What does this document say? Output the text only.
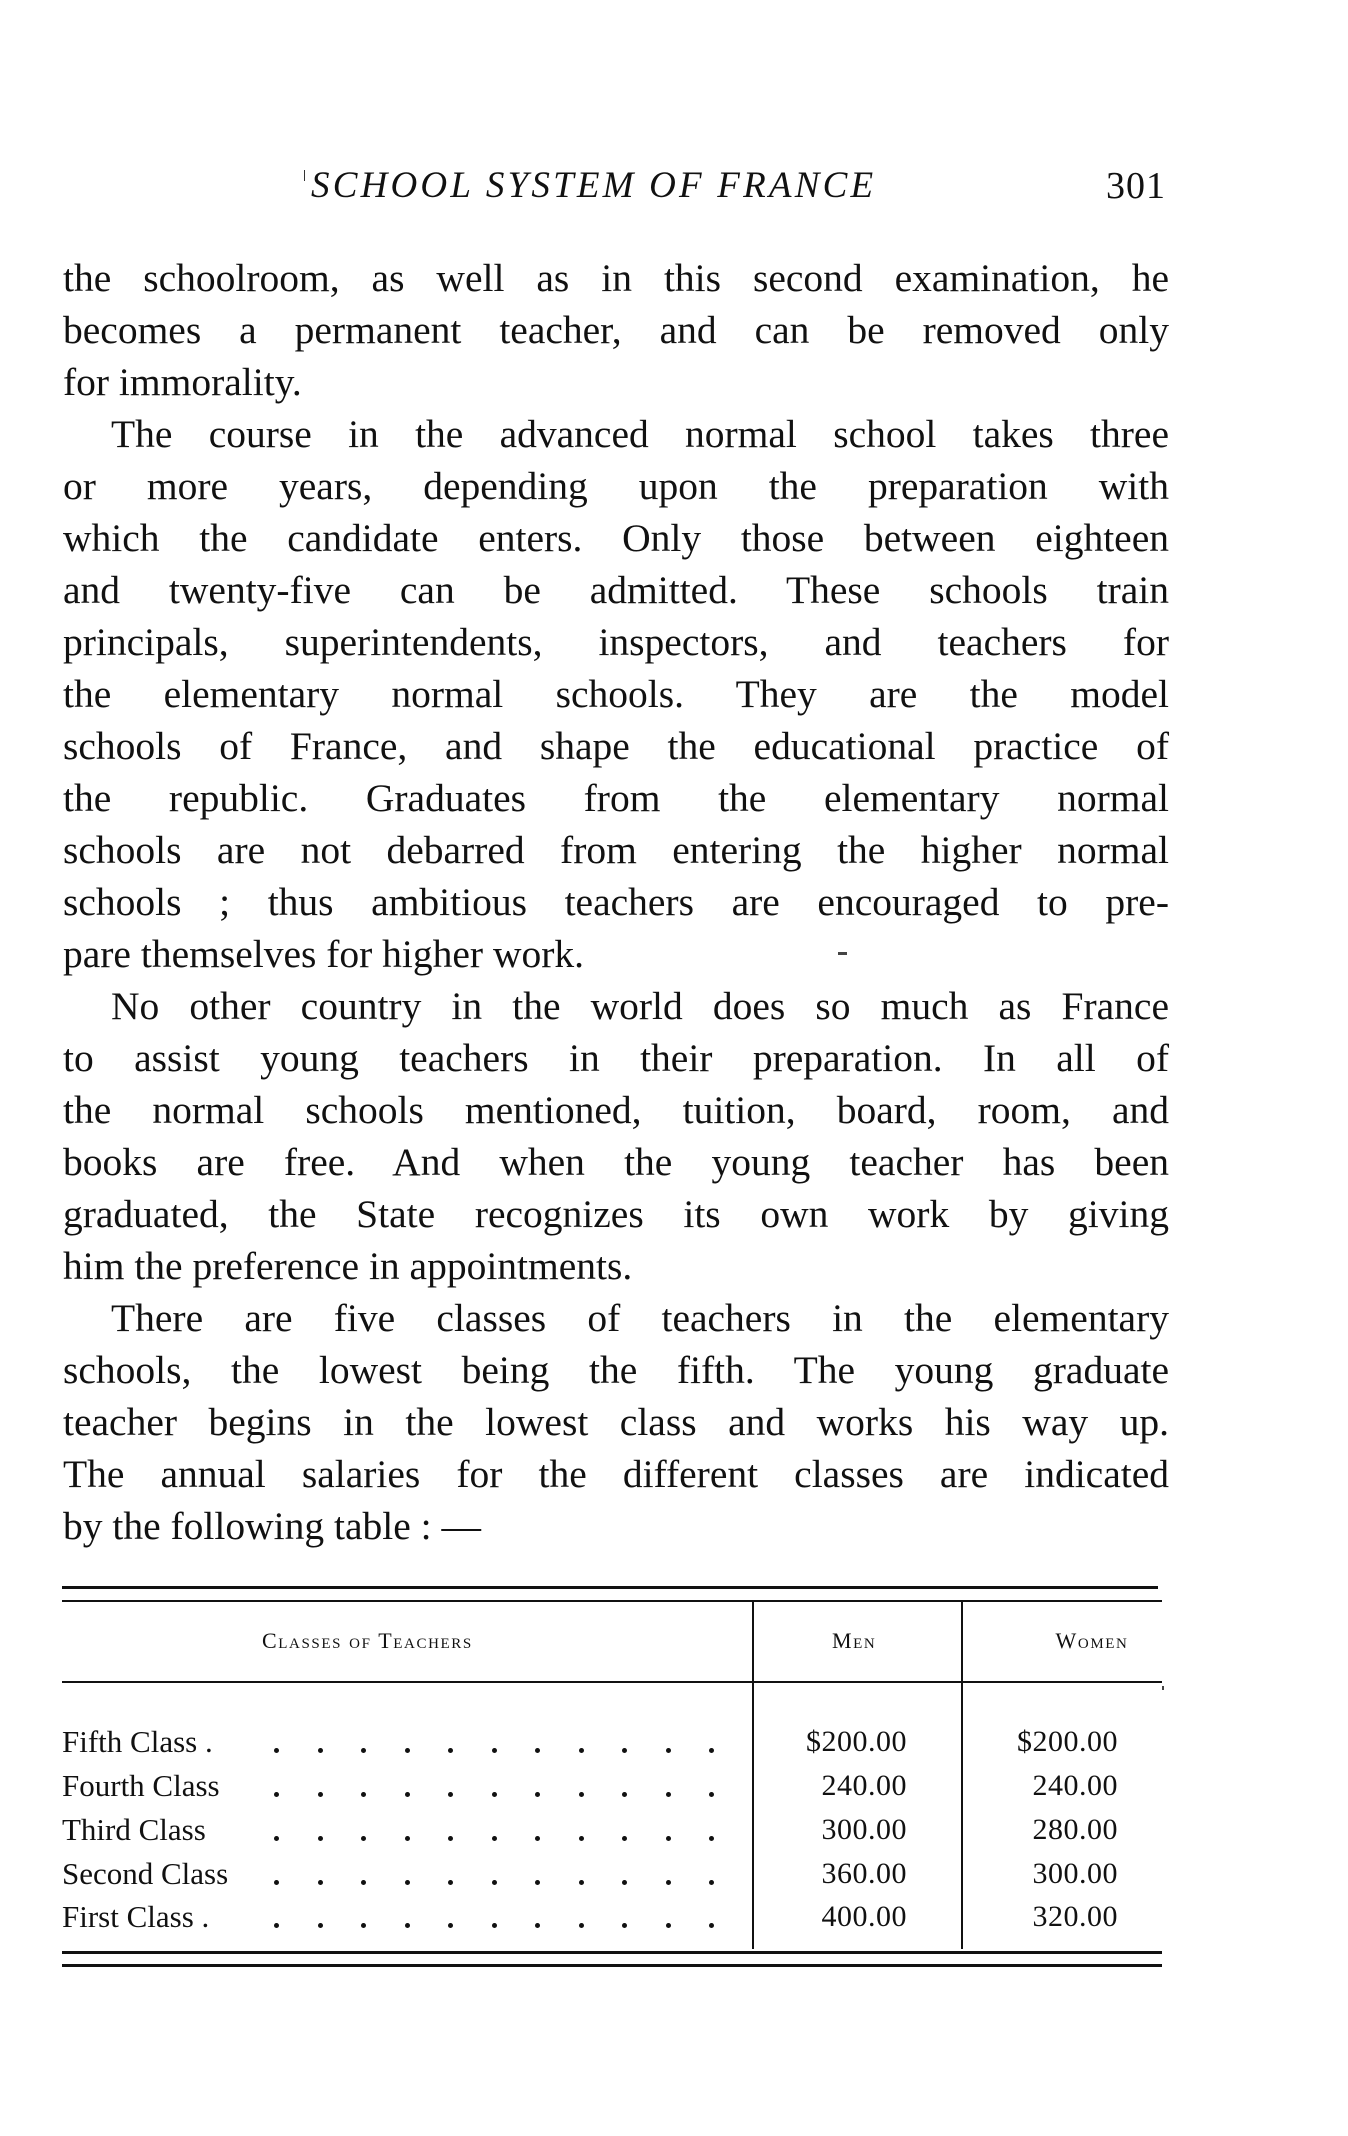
SCHOOL SYSTEM OF FRANCE	301
the schoolroom, as well as in this second examination, he
becomes a permanent teacher, and can be removed only
for immorality.
The course in the advanced normal school takes three
or more years, depending upon the preparation with
which the candidate enters. Only those between eighteen
and twenty-five can be admitted. These schools train
principals, superintendents, inspectors, and teachers for
the elementary normal schools. They are the model
schools of France, and shape the educational practice of
the republic. Graduates from the elementary normal
schools are not debarred from entering the higher normal
schools ; thus ambitious teachers are encouraged to pre-
pare themselves for higher work.
No other country in the world does so much as France
to assist young teachers in their preparation. In all of
the normal schools mentioned, tuition, board, room, and
books are free. And when the young teacher has been
graduated, the State recognizes its own work by giving
him the preference in appointments.
There are five classes of teachers in the elementary
schools, the lowest being the fifth. The young graduate
teacher begins in the lowest class and works his way up.
The annual salaries for the different classes are indicated
by the following table : —
Classes of Teachers	Men	Women
Fifth Class .	$200.00	$200.00
Fourth Class	240.00	240.00
Third Class	300.00	280.00
Second Class	360.00	300.00
First Class .	400.00	320.00
